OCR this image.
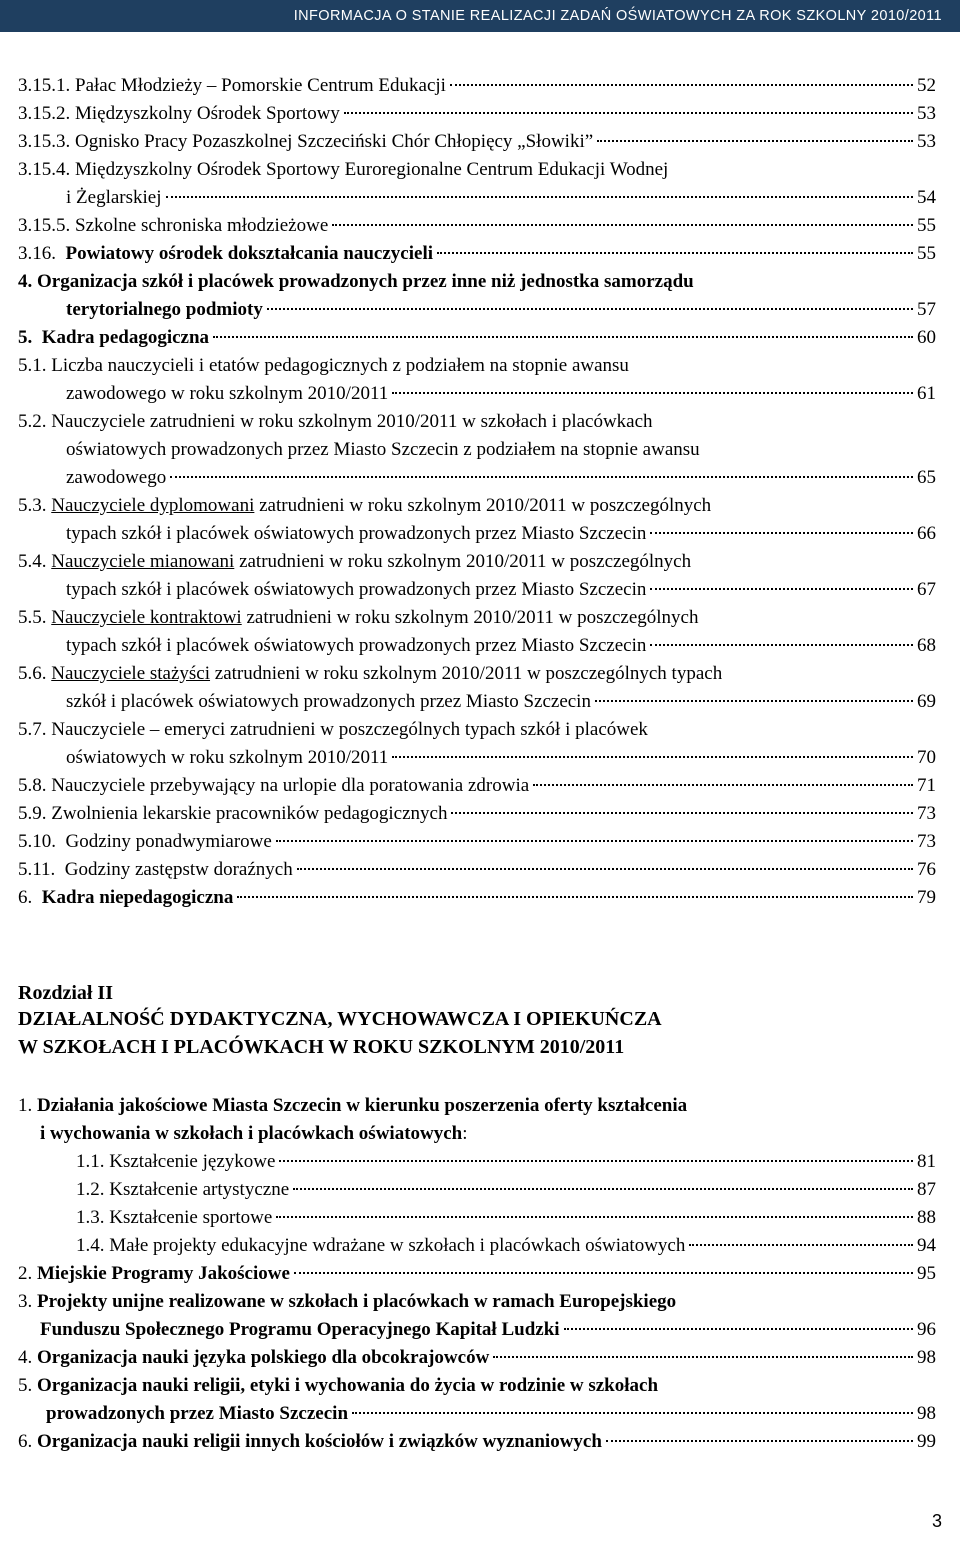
INFORMACJA O STANIE REALIZACJI ZADAŃ OŚWIATOWYCH ZA ROK SZKOLNY 2010/2011
3.15.1. Pałac Młodzieży – Pomorskie Centrum Edukacji	52
3.15.2. Międzyszkolny Ośrodek Sportowy	53
3.15.3. Ognisko Pracy Pozaszkolnej Szczeciński Chór Chłopięcy „Słowiki”	53
3.15.4. Międzyszkolny Ośrodek Sportowy Euroregionalne Centrum Edukacji Wodnej
i Żeglarskiej	54
3.15.5. Szkolne schroniska młodzieżowe	55
3.16. Powiatowy ośrodek dokształcania nauczycieli	55
4. Organizacja szkół i placówek prowadzonych przez inne niż jednostka samorządu
terytorialnego podmioty	57
5. Kadra pedagogiczna	60
5.1. Liczba nauczycieli i etatów pedagogicznych z podziałem na stopnie awansu
zawodowego w roku szkolnym 2010/2011	61
5.2. Nauczyciele zatrudnieni w roku szkolnym 2010/2011 w szkołach i placówkach
oświatowych prowadzonych przez Miasto Szczecin z podziałem na stopnie awansu
zawodowego	65
5.3. Nauczyciele dyplomowani zatrudnieni w roku szkolnym 2010/2011 w poszczególnych
typach szkół i placówek oświatowych prowadzonych przez Miasto Szczecin	66
5.4. Nauczyciele mianowani zatrudnieni w roku szkolnym 2010/2011 w poszczególnych
typach szkół i placówek oświatowych prowadzonych przez Miasto Szczecin	67
5.5. Nauczyciele kontraktowi zatrudnieni w roku szkolnym 2010/2011 w poszczególnych
typach szkół i placówek oświatowych prowadzonych przez Miasto Szczecin	68
5.6. Nauczyciele stażyści zatrudnieni w roku szkolnym 2010/2011 w poszczególnych typach
szkół i placówek oświatowych prowadzonych przez Miasto Szczecin	69
5.7. Nauczyciele – emeryci zatrudnieni w poszczególnych typach szkół i placówek
oświatowych w roku szkolnym 2010/2011	70
5.8. Nauczyciele przebywający na urlopie dla poratowania zdrowia	71
5.9. Zwolnienia lekarskie pracowników pedagogicznych	73
5.10. Godziny ponadwymiarowe	73
5.11. Godziny zastępstw doraźnych	76
6. Kadra niepedagogiczna	79
Rozdział II
DZIAŁALNOŚĆ DYDAKTYCZNA, WYCHOWAWCZA I OPIEKUŃCZA
W SZKOŁACH I PLACÓWKACH W ROKU SZKOLNYM 2010/2011
1. Działania jakościowe Miasta Szczecin w kierunku poszerzenia oferty kształcenia
i wychowania w szkołach i placówkach oświatowych:
1.1. Kształcenie językowe	81
1.2. Kształcenie artystyczne	87
1.3. Kształcenie sportowe	88
1.4. Małe projekty edukacyjne wdrażane w szkołach i placówkach oświatowych	94
2. Miejskie Programy Jakościowe	95
3. Projekty unijne realizowane w szkołach i placówkach w ramach Europejskiego
Funduszu Społecznego Programu Operacyjnego Kapitał Ludzki	96
4. Organizacja nauki języka polskiego dla obcokrajowców	98
5. Organizacja nauki religii, etyki i wychowania do życia w rodzinie w szkołach
prowadzonych przez Miasto Szczecin	98
6. Organizacja nauki religii innych kościołów i związków wyznaniowych	99
3
